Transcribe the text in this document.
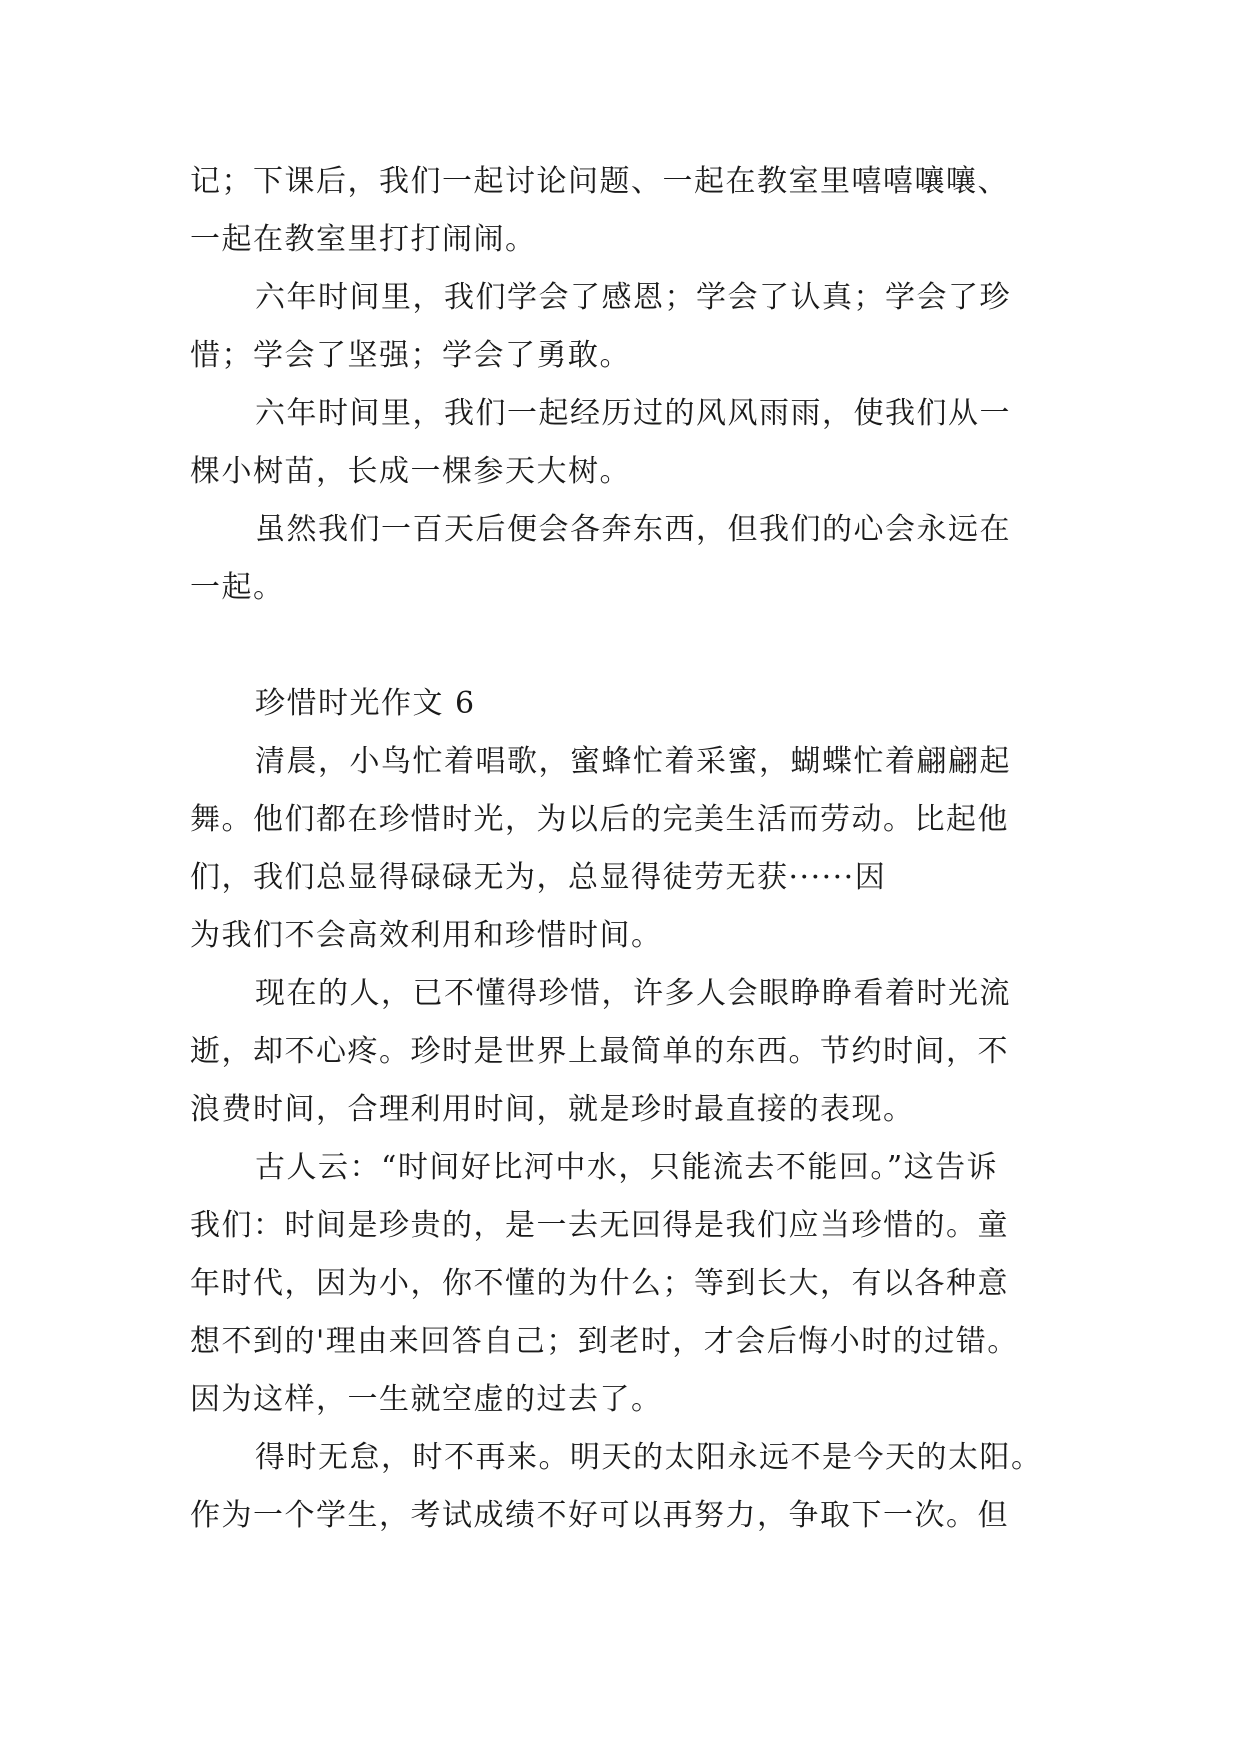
记；下课后，我们一起讨论问题、一起在教室里嘻嘻嚷嚷、
一起在教室里打打闹闹。
六年时间里，我们学会了感恩；学会了认真；学会了珍
惜；学会了坚强；学会了勇敢。
六年时间里，我们一起经历过的风风雨雨，使我们从一
棵小树苗，长成一棵参天大树。
虽然我们一百天后便会各奔东西，但我们的心会永远在
一起。
珍惜时光作文 6
清晨，小鸟忙着唱歌，蜜蜂忙着采蜜，蝴蝶忙着翩翩起
舞。他们都在珍惜时光，为以后的完美生活而劳动。比起他
们，我们总显得碌碌无为，总显得徒劳无获······因
为我们不会高效利用和珍惜时间。
现在的人，已不懂得珍惜，许多人会眼睁睁看着时光流
逝，却不心疼。珍时是世界上最简单的东西。节约时间，不
浪费时间，合理利用时间，就是珍时最直接的表现。
古人云：“时间好比河中水，只能流去不能回。”这告诉
我们：时间是珍贵的，是一去无回得是我们应当珍惜的。童
年时代，因为小，你不懂的为什么；等到长大，有以各种意
想不到的'理由来回答自己；到老时，才会后悔小时的过错。
因为这样，一生就空虚的过去了。
得时无怠，时不再来。明天的太阳永远不是今天的太阳。
作为一个学生，考试成绩不好可以再努力，争取下一次。但
